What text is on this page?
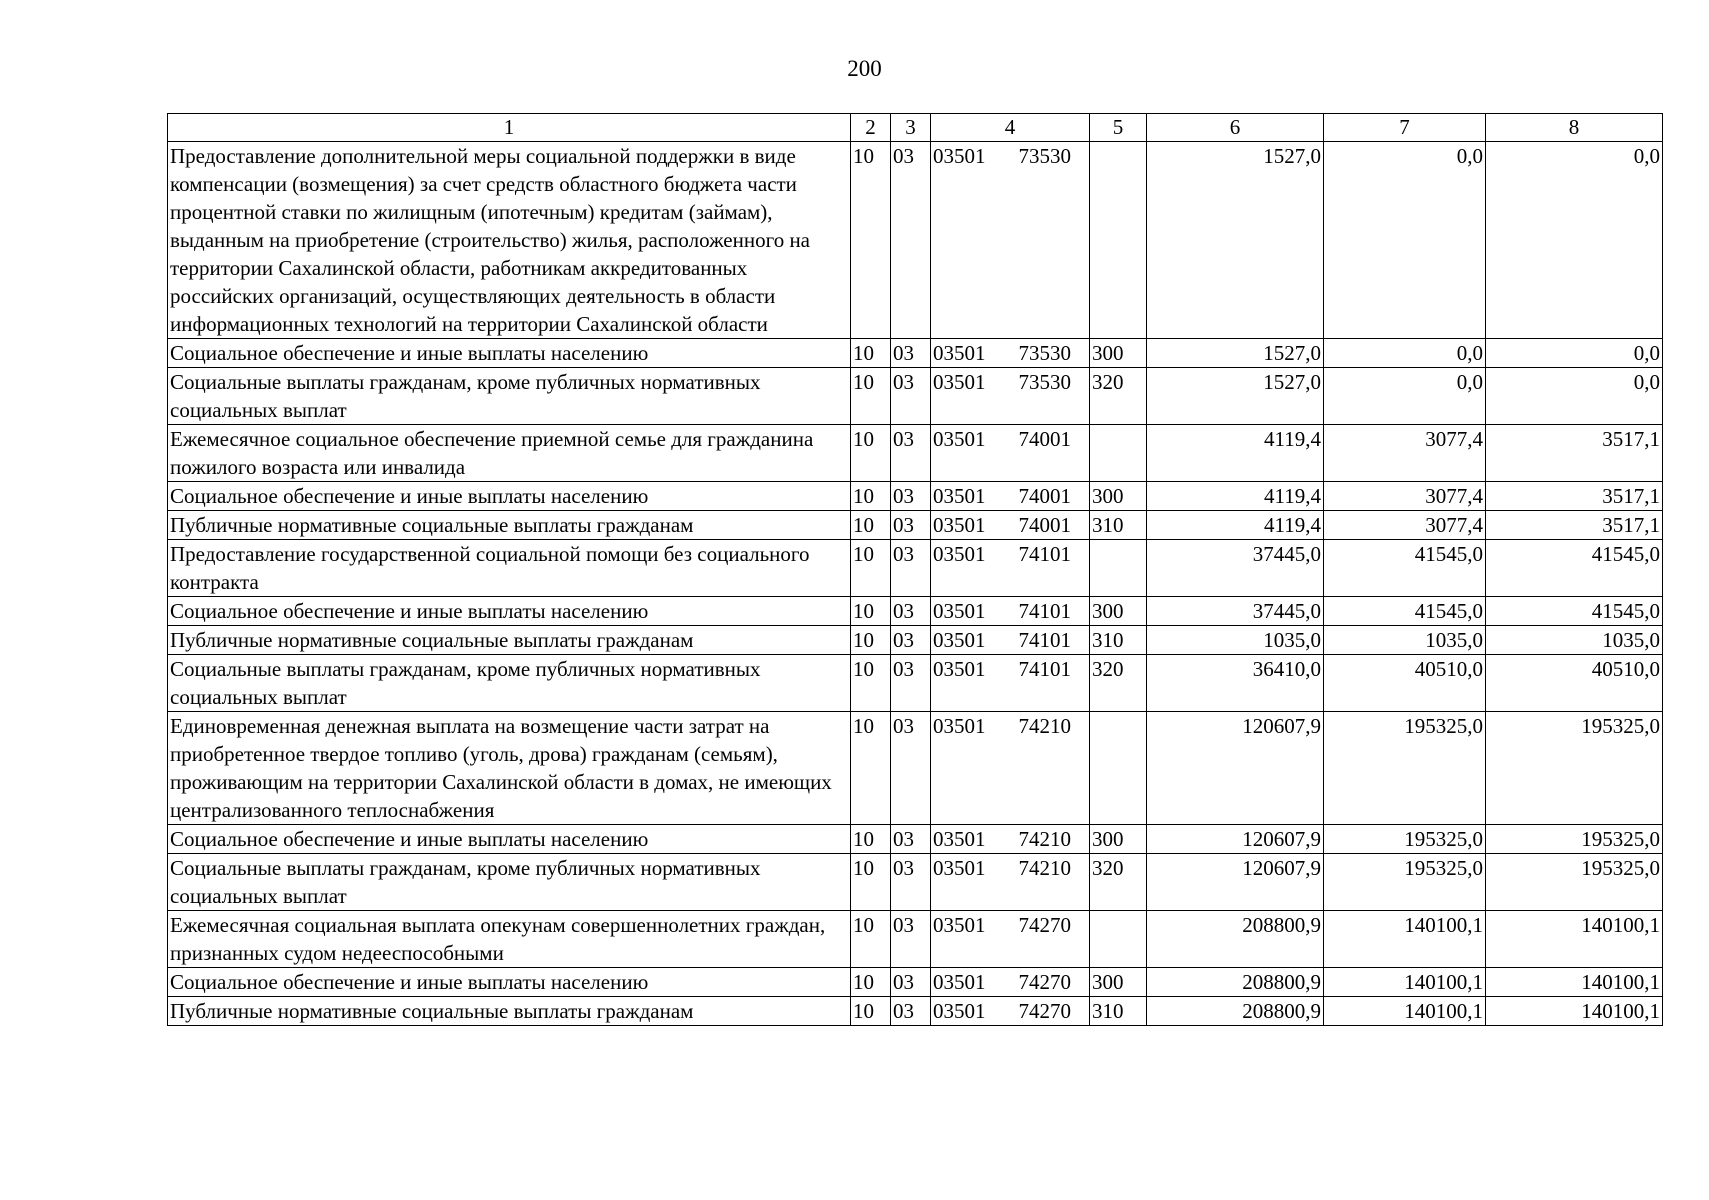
200
1	2	3	4	5	6	7	8
Предоставление дополнительной меры социальной поддержки в виде компенсации (возмещения) за счет средств областного бюджета части процентной ставки по жилищным (ипотечным) кредитам (займам), выданным на приобретение (строительство) жилья, расположенного на территории Сахалинской области, работникам аккредитованных российских организаций, осуществляющих деятельность в области информационных технологий на территории Сахалинской области	10	03	03501 73530		1527,0	0,0	0,0
Социальное обеспечение и иные выплаты населению	10	03	03501 73530	300	1527,0	0,0	0,0
Социальные выплаты гражданам, кроме публичных нормативных социальных выплат	10	03	03501 73530	320	1527,0	0,0	0,0
Ежемесячное социальное обеспечение приемной семье для гражданина пожилого возраста или инвалида	10	03	03501 74001		4119,4	3077,4	3517,1
Социальное обеспечение и иные выплаты населению	10	03	03501 74001	300	4119,4	3077,4	3517,1
Публичные нормативные социальные выплаты гражданам	10	03	03501 74001	310	4119,4	3077,4	3517,1
Предоставление государственной социальной помощи без социального контракта	10	03	03501 74101		37445,0	41545,0	41545,0
Социальное обеспечение и иные выплаты населению	10	03	03501 74101	300	37445,0	41545,0	41545,0
Публичные нормативные социальные выплаты гражданам	10	03	03501 74101	310	1035,0	1035,0	1035,0
Социальные выплаты гражданам, кроме публичных нормативных социальных выплат	10	03	03501 74101	320	36410,0	40510,0	40510,0
Единовременная денежная выплата на возмещение части затрат на приобретенное твердое топливо (уголь, дрова) гражданам (семьям), проживающим на территории Сахалинской области в домах, не имеющих централизованного теплоснабжения	10	03	03501 74210		120607,9	195325,0	195325,0
Социальное обеспечение и иные выплаты населению	10	03	03501 74210	300	120607,9	195325,0	195325,0
Социальные выплаты гражданам, кроме публичных нормативных социальных выплат	10	03	03501 74210	320	120607,9	195325,0	195325,0
Ежемесячная социальная выплата опекунам совершеннолетних граждан, признанных судом недееспособными	10	03	03501 74270		208800,9	140100,1	140100,1
Социальное обеспечение и иные выплаты населению	10	03	03501 74270	300	208800,9	140100,1	140100,1
Публичные нормативные социальные выплаты гражданам	10	03	03501 74270	310	208800,9	140100,1	140100,1
